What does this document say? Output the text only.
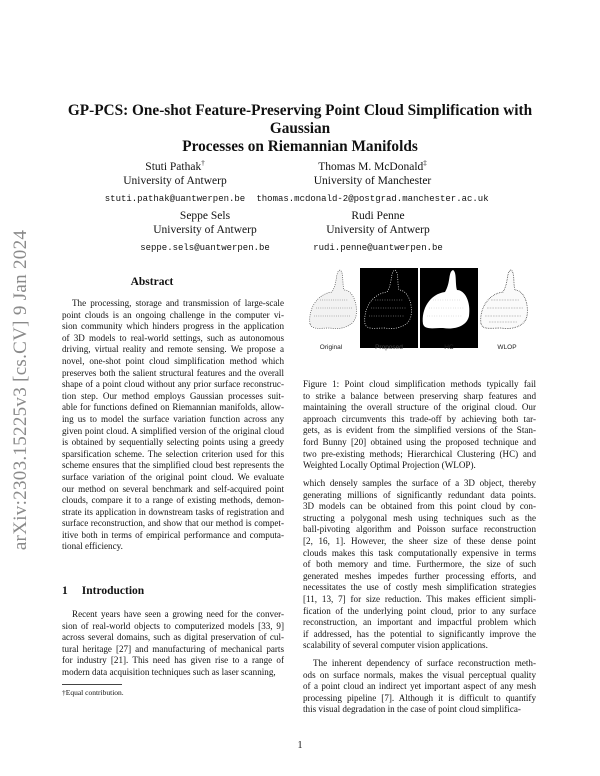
arXiv:2303.15225v3 [cs.CV] 9 Jan 2024
GP-PCS: One-shot Feature-Preserving Point Cloud Simplification with Gaussian
Processes on Riemannian Manifolds
Stuti Pathak†
University of Antwerp
stuti.pathak@uantwerpen.be
Thomas M. McDonald‡
University of Manchester
thomas.mcdonald-2@postgrad.manchester.ac.uk
Seppe Sels
University of Antwerp
seppe.sels@uantwerpen.be
Rudi Penne
University of Antwerp
rudi.penne@uantwerpen.be
Abstract
The processing, storage and transmission of large-scale
point clouds is an ongoing challenge in the computer vi-
sion community which hinders progress in the application
of 3D models to real-world settings, such as autonomous
driving, virtual reality and remote sensing. We propose a
novel, one-shot point cloud simplification method which
preserves both the salient structural features and the overall
shape of a point cloud without any prior surface reconstruc-
tion step. Our method employs Gaussian processes suit-
able for functions defined on Riemannian manifolds, allow-
ing us to model the surface variation function across any
given point cloud. A simplified version of the original cloud
is obtained by sequentially selecting points using a greedy
sparsification scheme. The selection criterion used for this
scheme ensures that the simplified cloud best represents the
surface variation of the original point cloud. We evaluate
our method on several benchmark and self-acquired point
clouds, compare it to a range of existing methods, demon-
strate its application in downstream tasks of registration and
surface reconstruction, and show that our method is compet-
itive both in terms of empirical performance and computa-
tional efficiency.
1 Introduction
Recent years have seen a growing need for the conver-
sion of real-world objects to computerized models [33, 9]
across several domains, such as digital preservation of cul-
tural heritage [27] and manufacturing of mechanical parts
for industry [21]. This need has given rise to a range of
modern data acquisition techniques such as laser scanning,
†Equal contribution.
Original	Proposed	HC	WLOP
Figure 1: Point cloud simplification methods typically fail
to strike a balance between preserving sharp features and
maintaining the overall structure of the original cloud. Our
approach circumvents this trade-off by achieving both tar-
gets, as is evident from the simplified versions of the Stan-
ford Bunny [20] obtained using the proposed technique and
two pre-existing methods; Hierarchical Clustering (HC) and
Weighted Locally Optimal Projection (WLOP).
which densely samples the surface of a 3D object, thereby
generating millions of significantly redundant data points.
3D models can be obtained from this point cloud by con-
structing a polygonal mesh using techniques such as the
ball-pivoting algorithm and Poisson surface reconstruction
[2, 16, 1]. However, the sheer size of these dense point
clouds makes this task computationally expensive in terms
of both memory and time. Furthermore, the size of such
generated meshes impedes further processing efforts, and
necessitates the use of costly mesh simplification strategies
[11, 13, 7] for size reduction. This makes efficient simpli-
fication of the underlying point cloud, prior to any surface
reconstruction, an important and impactful problem which
if addressed, has the potential to significantly improve the
scalability of several computer vision applications.
The inherent dependency of surface reconstruction meth-
ods on surface normals, makes the visual perceptual quality
of a point cloud an indirect yet important aspect of any mesh
processing pipeline [7]. Although it is difficult to quantify
this visual degradation in the case of point cloud simplifica-
1
